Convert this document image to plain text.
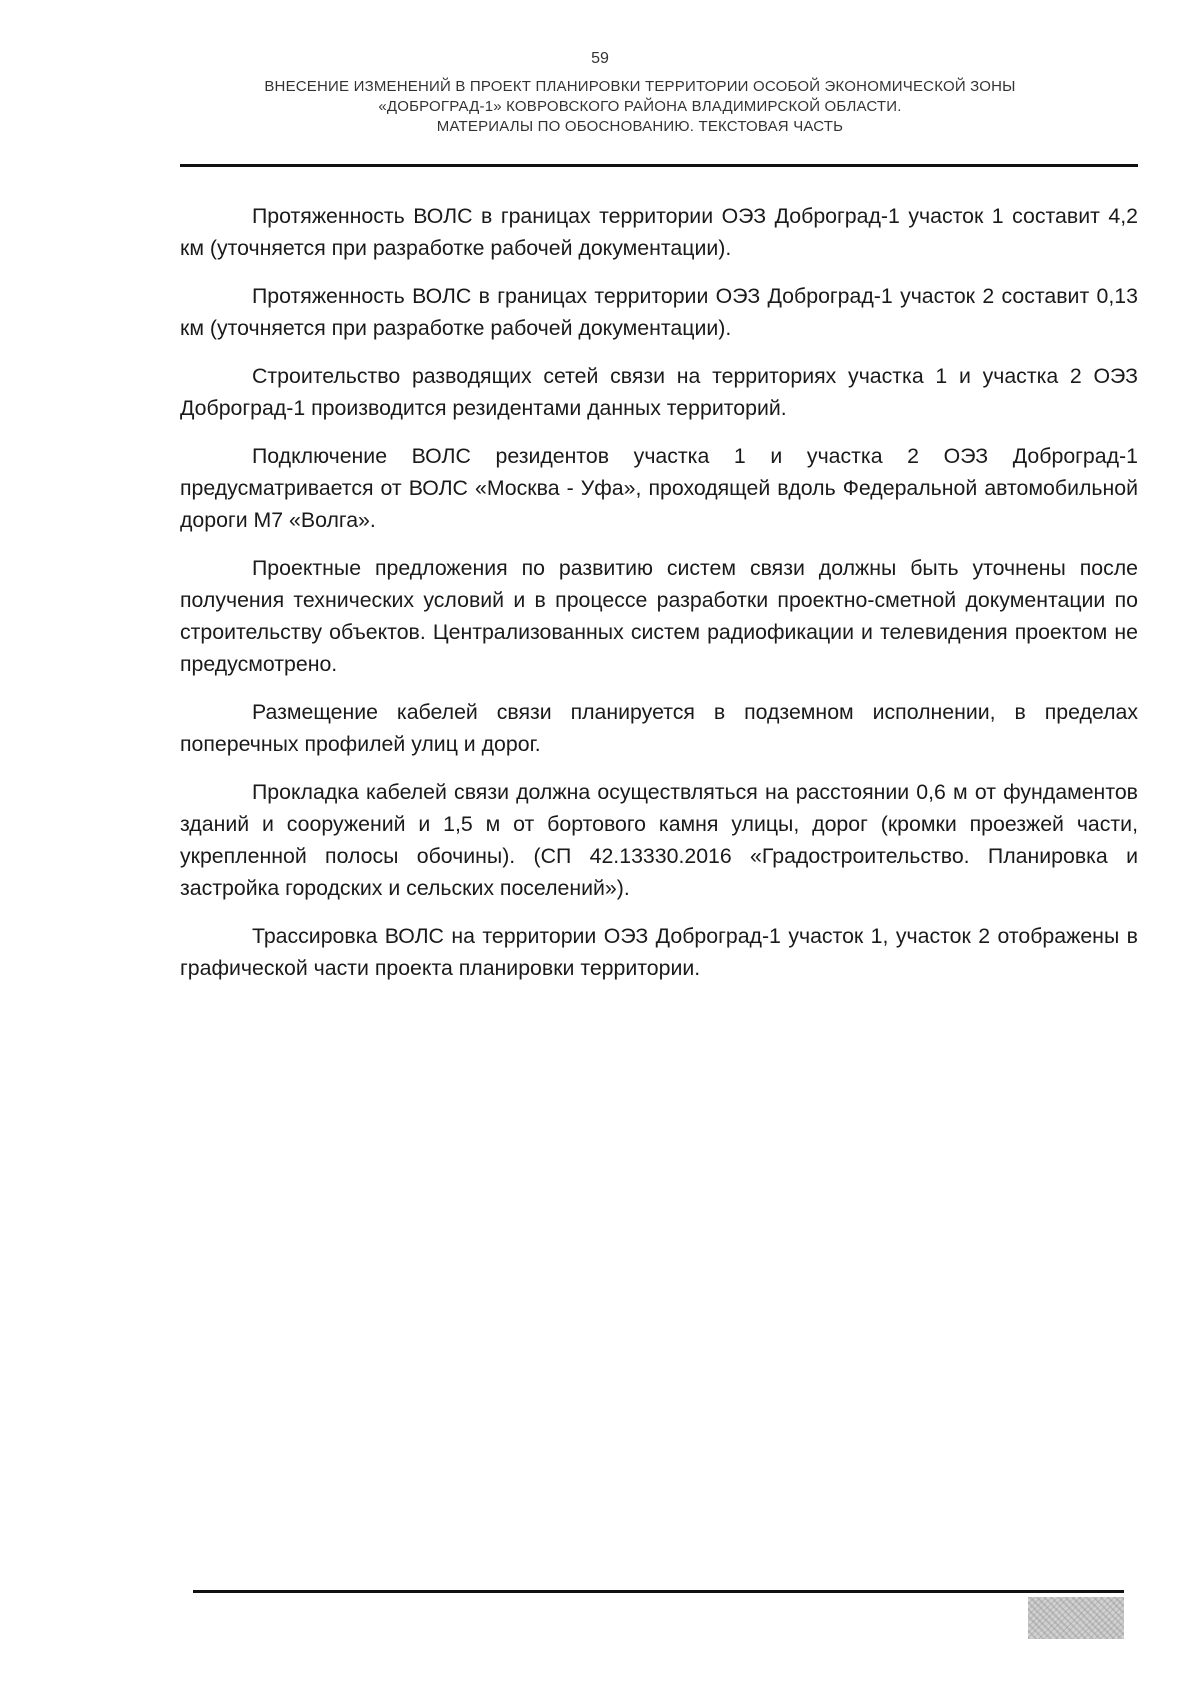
59
ВНЕСЕНИЕ ИЗМЕНЕНИЙ В ПРОЕКТ ПЛАНИРОВКИ ТЕРРИТОРИИ ОСОБОЙ ЭКОНОМИЧЕСКОЙ ЗОНЫ
«ДОБРОГРАД-1» КОВРОВСКОГО РАЙОНА ВЛАДИМИРСКОЙ ОБЛАСТИ.
МАТЕРИАЛЫ ПО ОБОСНОВАНИЮ. ТЕКСТОВАЯ ЧАСТЬ

Протяженность ВОЛС в границах территории ОЭЗ Доброград-1 участок 1 составит 4,2 км (уточняется при разработке рабочей документации).

Протяженность ВОЛС в границах территории ОЭЗ Доброград-1 участок 2 составит 0,13 км (уточняется при разработке рабочей документации).

Строительство разводящих сетей связи на территориях участка 1 и участка 2 ОЭЗ Доброград-1 производится резидентами данных территорий.

Подключение ВОЛС резидентов участка 1 и участка 2 ОЭЗ Доброград-1 предусматривается от ВОЛС «Москва - Уфа», проходящей вдоль Федеральной автомобильной дороги М7 «Волга».

Проектные предложения по развитию систем связи должны быть уточнены после получения технических условий и в процессе разработки проектно-сметной документации по строительству объектов. Централизованных систем радиофикации и телевидения проектом не предусмотрено.

Размещение кабелей связи планируется в подземном исполнении, в пределах поперечных профилей улиц и дорог.

Прокладка кабелей связи должна осуществляться на расстоянии 0,6 м от фундаментов зданий и сооружений и 1,5 м от бортового камня улицы, дорог (кромки проезжей части, укрепленной полосы обочины). (СП 42.13330.2016 «Градостроительство. Планировка и застройка городских и сельских поселений»).

Трассировка ВОЛС на территории ОЭЗ Доброград-1 участок 1, участок 2 отображены в графической части проекта планировки территории.
